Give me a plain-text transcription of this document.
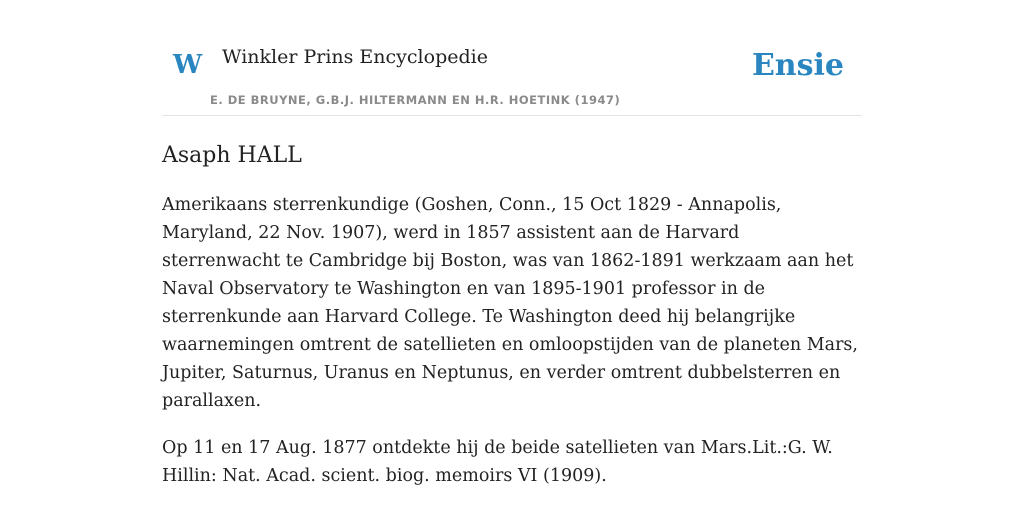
W Winkler Prins Encyclopedie
E. DE BRUYNE, G.B.J. HILTERMANN EN H.R. HOETINK (1947)
Ensie
Asaph HALL

Amerikaans sterrenkundige (Goshen, Conn., 15 Oct 1829 - Annapolis, Maryland, 22 Nov. 1907), werd in 1857 assistent aan de Harvard sterrenwacht te Cambridge bij Boston, was van 1862-1891 werkzaam aan het Naval Observatory te Washington en van 1895-1901 professor in de sterrenkunde aan Harvard College. Te Washington deed hij belangrijke waarnemingen omtrent de satellieten en omloopstijden van de planeten Mars, Jupiter, Saturnus, Uranus en Neptunus, en verder omtrent dubbelsterren en parallaxen.

Op 11 en 17 Aug. 1877 ontdekte hij de beide satellieten van Mars.Lit.:G. W. Hillin: Nat. Acad. scient. biog. memoirs VI (1909).
